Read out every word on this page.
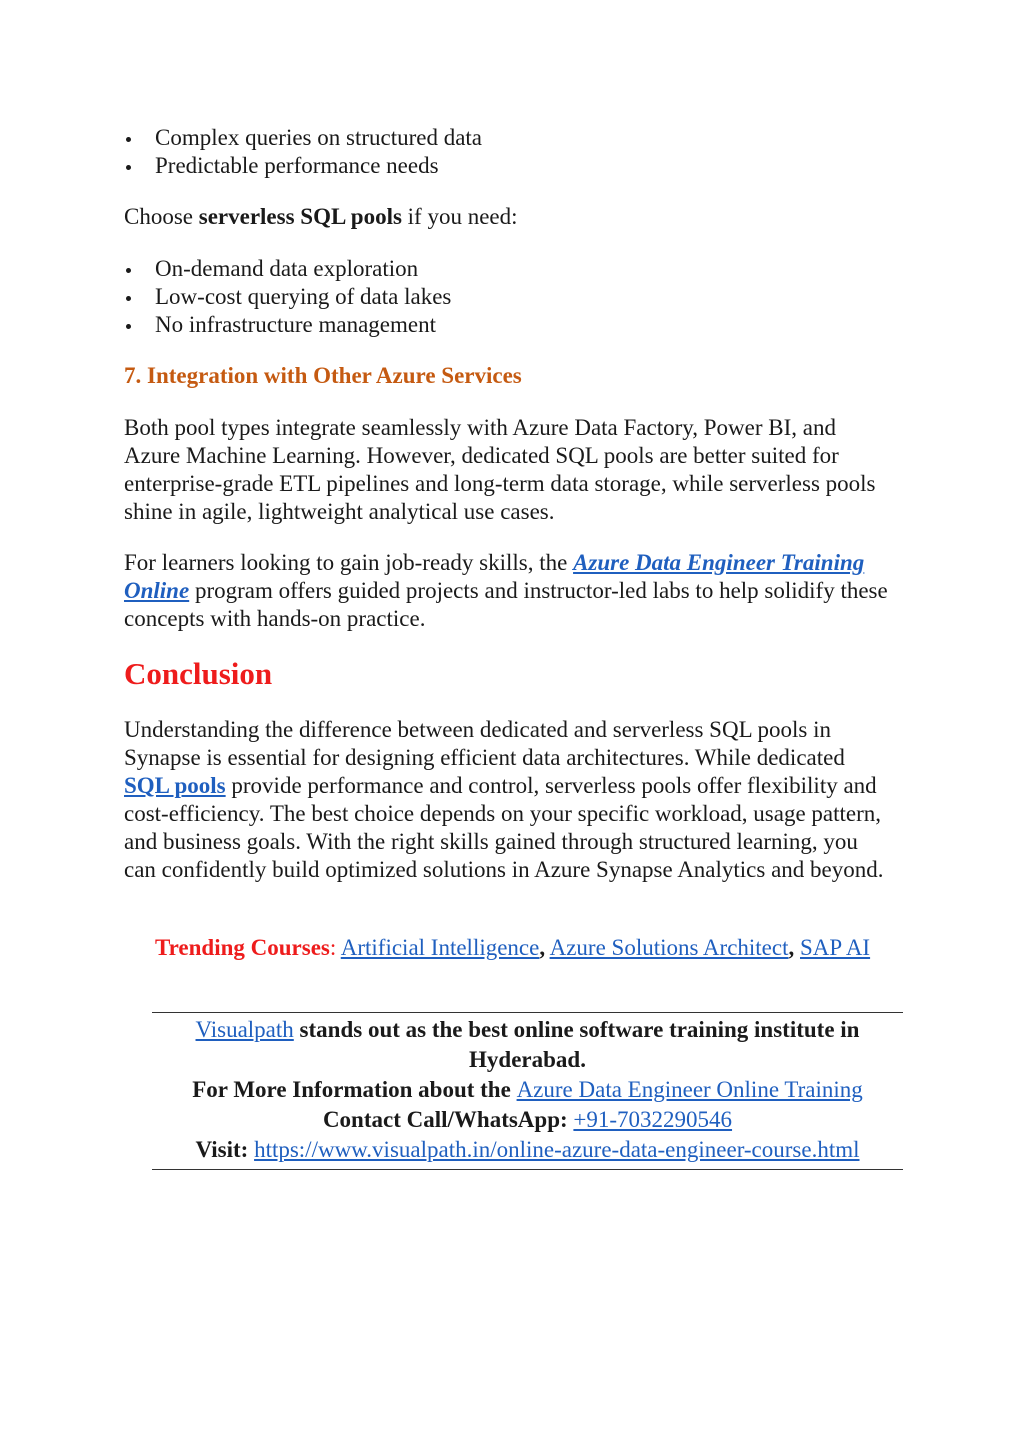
Complex queries on structured data
Predictable performance needs
Choose serverless SQL pools if you need:
On-demand data exploration
Low-cost querying of data lakes
No infrastructure management
7. Integration with Other Azure Services
Both pool types integrate seamlessly with Azure Data Factory, Power BI, and Azure Machine Learning. However, dedicated SQL pools are better suited for enterprise-grade ETL pipelines and long-term data storage, while serverless pools shine in agile, lightweight analytical use cases.
For learners looking to gain job-ready skills, the Azure Data Engineer Training Online program offers guided projects and instructor-led labs to help solidify these concepts with hands-on practice.
Conclusion
Understanding the difference between dedicated and serverless SQL pools in Synapse is essential for designing efficient data architectures. While dedicated SQL pools provide performance and control, serverless pools offer flexibility and cost-efficiency. The best choice depends on your specific workload, usage pattern, and business goals. With the right skills gained through structured learning, you can confidently build optimized solutions in Azure Synapse Analytics and beyond.
Trending Courses: Artificial Intelligence, Azure Solutions Architect, SAP AI
Visualpath stands out as the best online software training institute in Hyderabad.
For More Information about the Azure Data Engineer Online Training
Contact Call/WhatsApp: +91-7032290546
Visit: https://www.visualpath.in/online-azure-data-engineer-course.html
